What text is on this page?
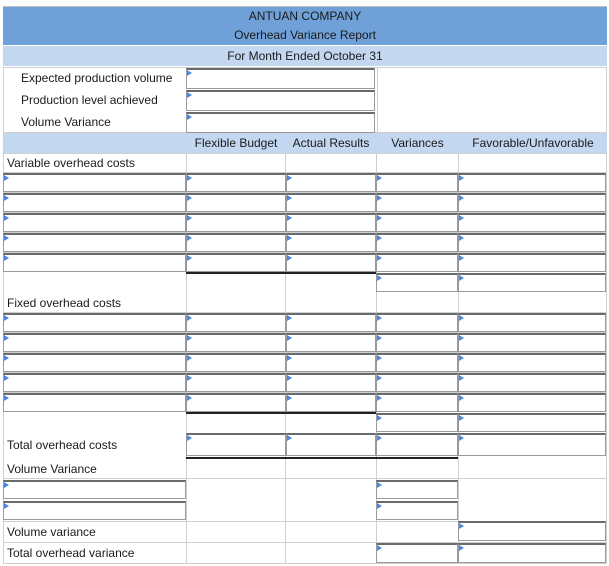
ANTUAN COMPANY
Overhead Variance Report
For Month Ended October 31
Expected production volume
Production level achieved
Volume Variance
Flexible Budget	Actual Results	Variances	Favorable/Unfavorable
Variable overhead costs
Fixed overhead costs
Total overhead costs
Volume Variance
Volume variance
Total overhead variance
